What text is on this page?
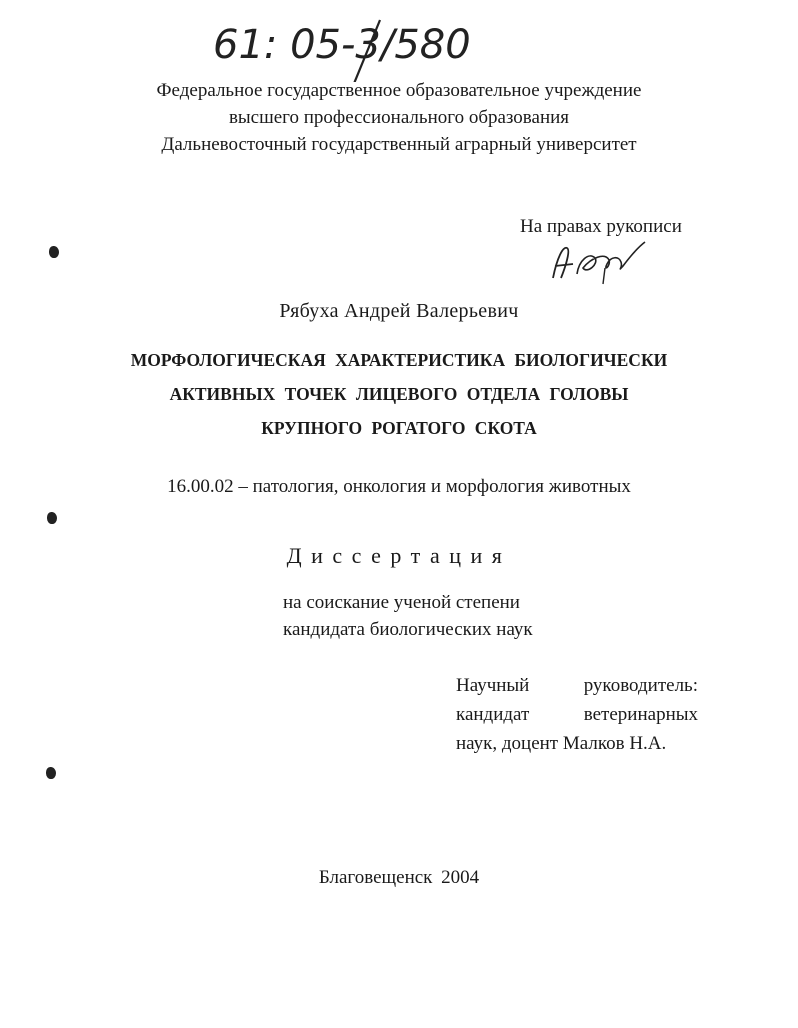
61: 05-3/580
Федеральное государственное образовательное учреждение
высшего профессионального образования
Дальневосточный государственный аграрный университет
На правах рукописи
Рябуха Андрей Валерьевич
МОРФОЛОГИЧЕСКАЯ ХАРАКТЕРИСТИКА БИОЛОГИЧЕСКИ
АКТИВНЫХ ТОЧЕК ЛИЦЕВОГО ОТДЕЛА ГОЛОВЫ
КРУПНОГО РОГАТОГО СКОТА
16.00.02 – патология, онкология и морфология животных
Диссертация
на соискание ученой степени
кандидата биологических наук
Научный	руководитель:
кандидат	ветеринарных
наук, доцент Малков Н.А.
Благовещенск 2004
